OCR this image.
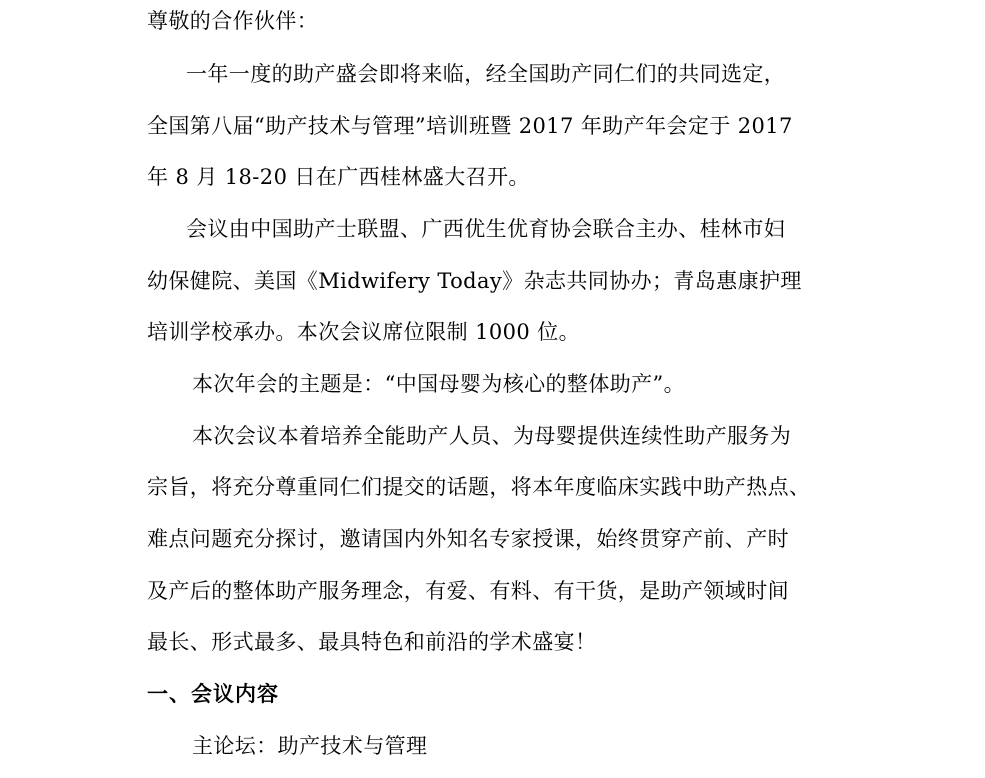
尊敬的合作伙伴：
一年一度的助产盛会即将来临，经全国助产同仁们的共同选定，
全国第八届“助产技术与管理”培训班暨 2017 年助产年会定于 2017
年 8 月 18-20 日在广西桂林盛大召开。
会议由中国助产士联盟、广西优生优育协会联合主办、桂林市妇
幼保健院、美国《Midwifery Today》杂志共同协办；青岛惠康护理
培训学校承办。本次会议席位限制 1000 位。
本次年会的主题是：“中国母婴为核心的整体助产”。
本次会议本着培养全能助产人员、为母婴提供连续性助产服务为
宗旨，将充分尊重同仁们提交的话题，将本年度临床实践中助产热点、
难点问题充分探讨，邀请国内外知名专家授课，始终贯穿产前、产时
及产后的整体助产服务理念，有爱、有料、有干货，是助产领域时间
最长、形式最多、最具特色和前沿的学术盛宴！
一、会议内容
主论坛：助产技术与管理
